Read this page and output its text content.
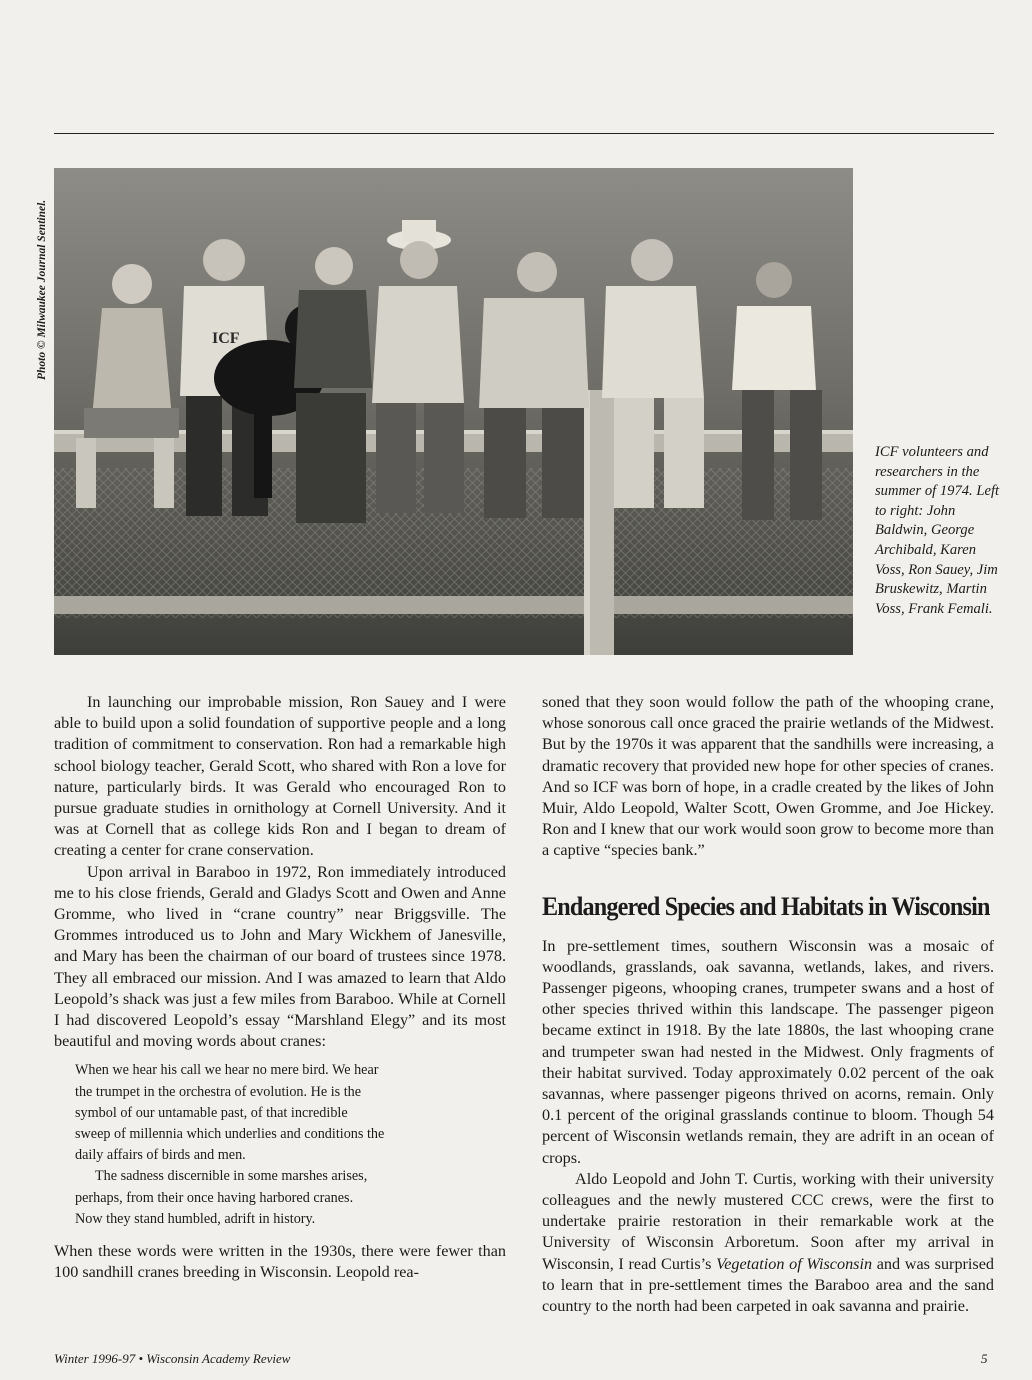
Photo © Milwaukee Journal Sentinel.	ICF
ICF volunteers and researchers in the summer of 1974. Left to right: John Baldwin, George Archibald, Karen Voss, Ron Sauey, Jim Bruskewitz, Martin Voss, Frank Femali.

In launching our improbable mission, Ron Sauey and I were able to build upon a solid foundation of supportive people and a long tradition of commitment to conservation. Ron had a remarkable high school biology teacher, Gerald Scott, who shared with Ron a love for nature, particularly birds. It was Gerald who encouraged Ron to pursue graduate studies in ornithology at Cornell University. And it was at Cornell that as college kids Ron and I began to dream of creating a center for crane conservation.

Upon arrival in Baraboo in 1972, Ron immediately introduced me to his close friends, Gerald and Gladys Scott and Owen and Anne Gromme, who lived in “crane country” near Briggsville. The Grommes introduced us to John and Mary Wickhem of Janesville, and Mary has been the chairman of our board of trustees since 1978. They all embraced our mission. And I was amazed to learn that Aldo Leopold’s shack was just a few miles from Baraboo. While at Cornell I had discovered Leopold’s essay “Marshland Elegy” and its most beautiful and moving words about cranes:

When we hear his call we hear no mere bird. We hear
the trumpet in the orchestra of evolution. He is the
symbol of our untamable past, of that incredible
sweep of millennia which underlies and conditions the
daily affairs of birds and men.
The sadness discernible in some marshes arises,
perhaps, from their once having harbored cranes.
Now they stand humbled, adrift in history.

When these words were written in the 1930s, there were fewer than 100 sandhill cranes breeding in Wisconsin. Leopold rea-

soned that they soon would follow the path of the whooping crane, whose sonorous call once graced the prairie wetlands of the Midwest. But by the 1970s it was apparent that the sandhills were increasing, a dramatic recovery that provided new hope for other species of cranes. And so ICF was born of hope, in a cradle created by the likes of John Muir, Aldo Leopold, Walter Scott, Owen Gromme, and Joe Hickey. Ron and I knew that our work would soon grow to become more than a captive “species bank.”

Endangered Species and Habitats in Wisconsin

In pre-settlement times, southern Wisconsin was a mosaic of woodlands, grasslands, oak savanna, wetlands, lakes, and rivers. Passenger pigeons, whooping cranes, trumpeter swans and a host of other species thrived within this landscape. The passenger pigeon became extinct in 1918. By the late 1880s, the last whooping crane and trumpeter swan had nested in the Midwest. Only fragments of their habitat survived. Today approximately 0.02 percent of the oak savannas, where passenger pigeons thrived on acorns, remain. Only 0.1 percent of the original grasslands continue to bloom. Though 54 percent of Wisconsin wetlands remain, they are adrift in an ocean of crops.

Aldo Leopold and John T. Curtis, working with their university colleagues and the newly mustered CCC crews, were the first to undertake prairie restoration in their remarkable work at the University of Wisconsin Arboretum. Soon after my arrival in Wisconsin, I read Curtis’s Vegetation of Wisconsin and was surprised to learn that in pre-settlement times the Baraboo area and the sand country to the north had been carpeted in oak savanna and prairie.

Winter 1996-97 • Wisconsin Academy Review	5
